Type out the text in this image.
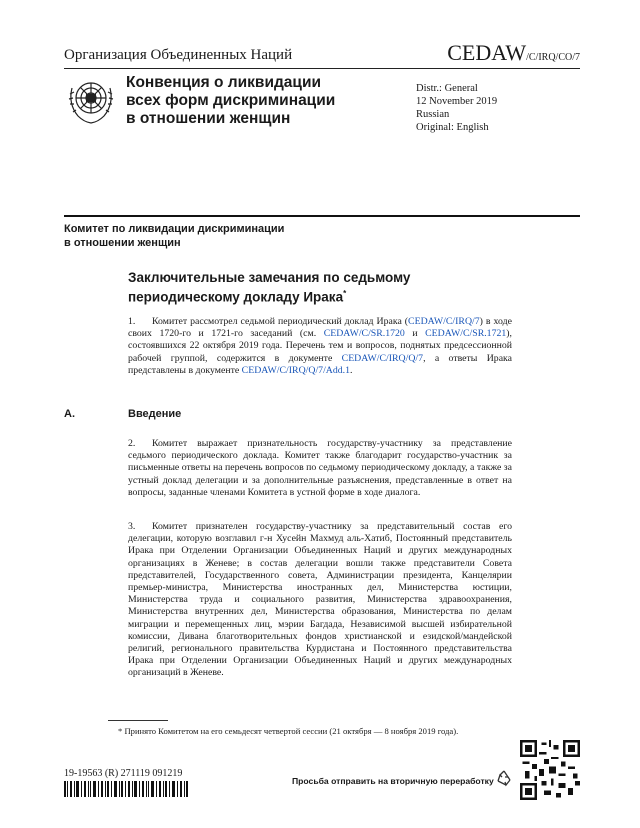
Организация Объединенных Наций	CEDAW/C/IRQ/CO/7
Конвенция о ликвидации
всех форм дискриминации
в отношении женщин
Distr.: General
12 November 2019
Russian
Original: English
Комитет по ликвидации дискриминации
в отношении женщин
Заключительные замечания по седьмому
периодическому докладу Ирака*
1. Комитет рассмотрел седьмой периодический доклад Ирака (CEDAW/C/IRQ/7) в ходе своих 1720-го и 1721-го заседаний (см. CEDAW/C/SR.1720 и CEDAW/C/SR.1721), состоявшихся 22 октября 2019 года. Перечень тем и вопросов, поднятых предсессионной рабочей группой, содержится в документе CEDAW/C/IRQ/Q/7, а ответы Ирака представлены в документе CEDAW/C/IRQ/Q/7/Add.1.
A.	Введение
2. Комитет выражает признательность государству-участнику за представление седьмого периодического доклада. Комитет также благодарит государство-участник за письменные ответы на перечень вопросов по седьмому периодическому докладу, а также за устный доклад делегации и за дополнительные разъяснения, представленные в ответ на вопросы, заданные членами Комитета в устной форме в ходе диалога.
3. Комитет признателен государству-участнику за представительный состав его делегации, которую возглавил г-н Хусейн Махмуд аль-Хатиб, Постоянный представитель Ирака при Отделении Организации Объединенных Наций и других международных организациях в Женеве; в состав делегации вошли также представители Совета представителей, Государственного совета, Администрации президента, Канцелярии премьер-министра, Министерства иностранных дел, Министерства юстиции, Министерства труда и социального развития, Министерства здравоохранения, Министерства внутренних дел, Министерства образования, Министерства по делам миграции и перемещенных лиц, мэрии Багдада, Независимой высшей избирательной комиссии, Дивана благотворительных фондов христианской и езидской/мандейской религий, регионального правительства Курдистана и Постоянного представительства Ирака при Отделении Организации Объединенных Наций и других международных организаций в Женеве.
* Принято Комитетом на его семьдесят четвертой сессии (21 октября — 8 ноября 2019 года).
19-19563 (R) 271119 091219
Просьба отправить на вторичную переработку
